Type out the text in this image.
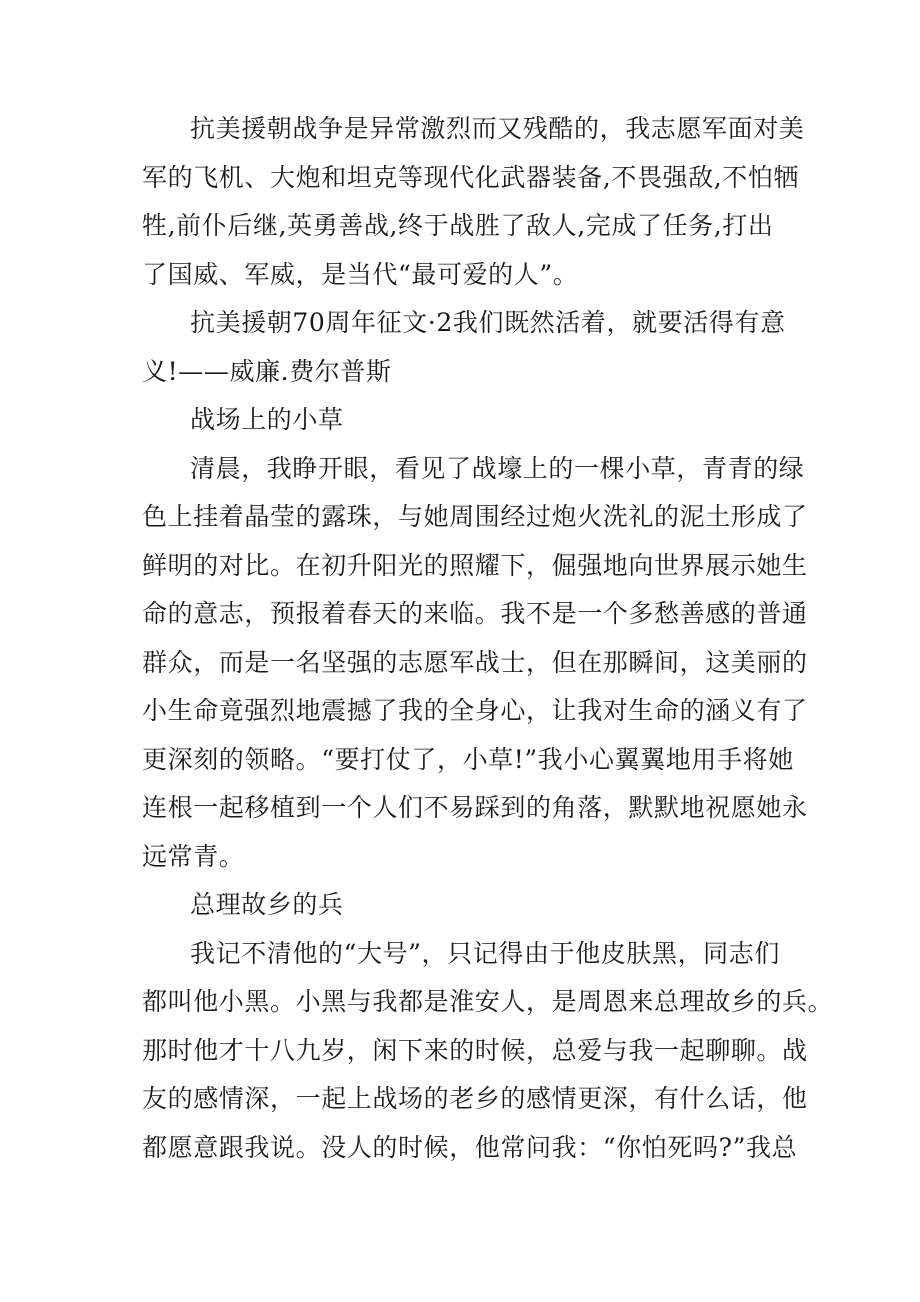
抗美援朝战争是异常激烈而又残酷的，我志愿军面对美
军的飞机、大炮和坦克等现代化武器装备,不畏强敌,不怕牺
牲,前仆后继,英勇善战,终于战胜了敌人,完成了任务,打出
了国威、军威，是当代“最可爱的人”。
抗美援朝70周年征文·2我们既然活着，就要活得有意
义!——威廉.费尔普斯
战场上的小草
清晨，我睁开眼，看见了战壕上的一棵小草，青青的绿
色上挂着晶莹的露珠，与她周围经过炮火洗礼的泥土形成了
鲜明的对比。在初升阳光的照耀下，倔强地向世界展示她生
命的意志，预报着春天的来临。我不是一个多愁善感的普通
群众，而是一名坚强的志愿军战士，但在那瞬间，这美丽的
小生命竟强烈地震撼了我的全身心，让我对生命的涵义有了
更深刻的领略。“要打仗了，小草!”我小心翼翼地用手将她
连根一起移植到一个人们不易踩到的角落，默默地祝愿她永
远常青。
总理故乡的兵
我记不清他的“大号”，只记得由于他皮肤黑，同志们
都叫他小黑。小黑与我都是淮安人，是周恩来总理故乡的兵。
那时他才十八九岁，闲下来的时候，总爱与我一起聊聊。战
友的感情深，一起上战场的老乡的感情更深，有什么话，他
都愿意跟我说。没人的时候，他常问我：“你怕死吗?”我总
